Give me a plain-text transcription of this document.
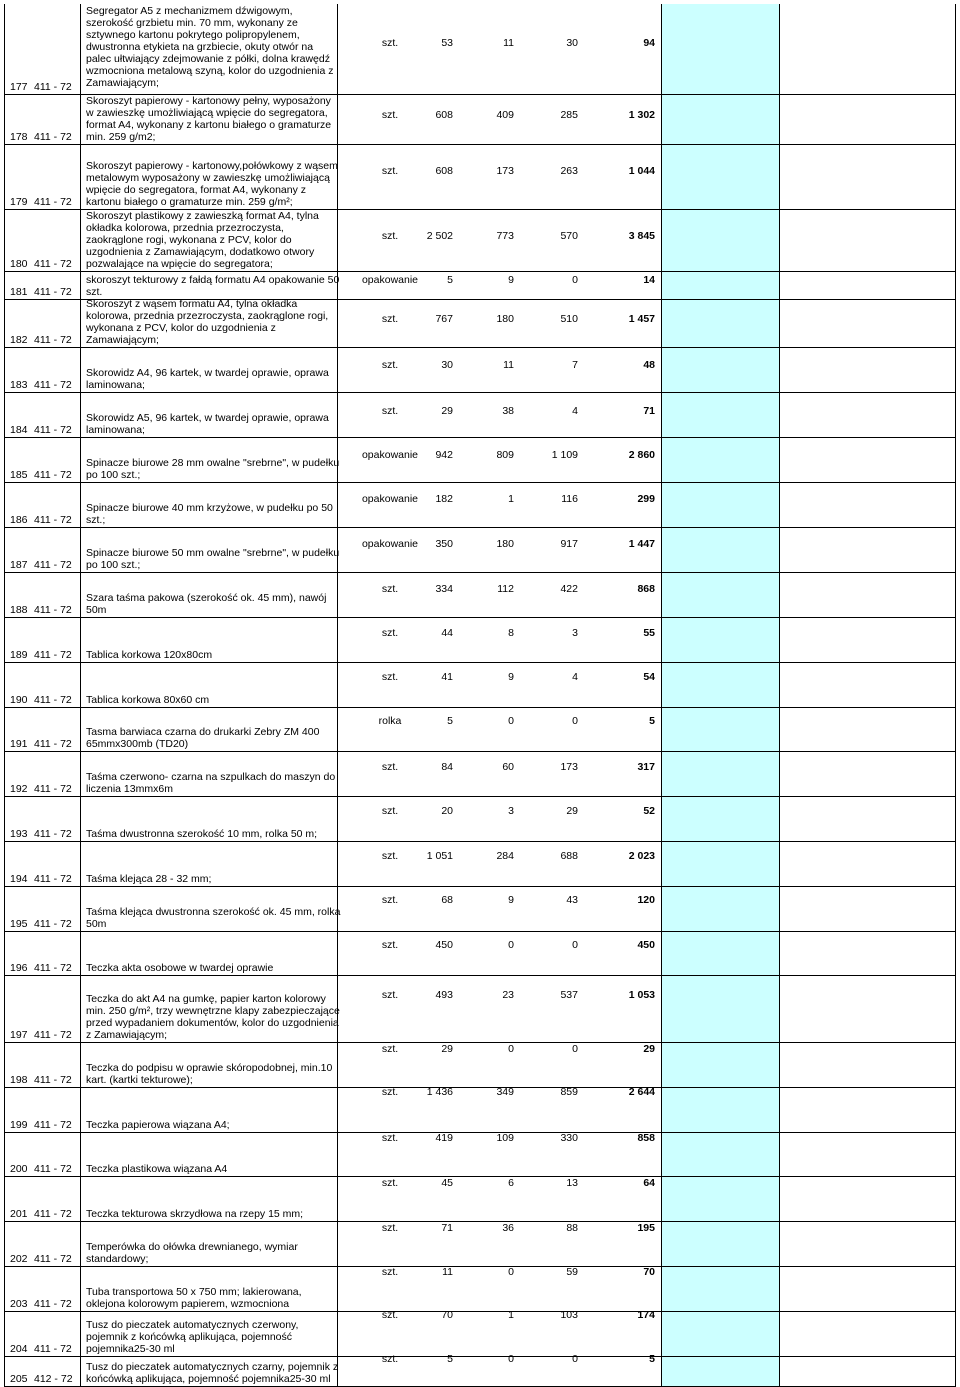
177 411 - 72
Segregator A5 z mechanizmem dźwigowym, szerokość grzbietu min. 70 mm, wykonany ze sztywnego kartonu pokrytego polipropylenem, dwustronna etykieta na grzbiecie, okuty otwór na palec ułtwiający zdejmowanie z półki, dolna krawędź wzmocniona metalową szyną, kolor do uzgodnienia z Zamawiającym;
szt.	53	11	30	94
178 411 - 72
Skoroszyt papierowy - kartonowy pełny, wyposażony w zawieszkę umożliwiającą wpięcie do segregatora, format A4, wykonany z kartonu białego o gramaturze min. 259 g/m2;
szt.	608	409	285	1 302
179 411 - 72
Skoroszyt papierowy - kartonowy,połówkowy z wąsem metalowym wyposażony w zawieszkę umożliwiającą wpięcie do segregatora, format A4, wykonany z kartonu białego o gramaturze min. 259 g/m²;
szt.	608	173	263	1 044
180 411 - 72
Skoroszyt plastikowy z zawieszką format A4, tylna okładka kolorowa, przednia przezroczysta, zaokrąglone rogi, wykonana z PCV, kolor do uzgodnienia z Zamawiającym, dodatkowo otwory pozwalające na wpięcie do segregatora;
szt.	2 502	773	570	3 845
181 411 - 72
skoroszyt tekturowy z fałdą formatu A4 opakowanie 50 szt.
opakowanie	5	9	0	14
182 411 - 72
Skoroszyt z wąsem formatu A4, tylna okładka kolorowa, przednia przezroczysta, zaokrąglone rogi, wykonana z PCV, kolor do uzgodnienia z Zamawiającym;
szt.	767	180	510	1 457
183 411 - 72
Skorowidz A4, 96 kartek, w twardej oprawie, oprawa laminowana;
szt.	30	11	7	48
184 411 - 72
Skorowidz A5, 96 kartek, w twardej oprawie, oprawa laminowana;
szt.	29	38	4	71
185 411 - 72
Spinacze biurowe 28 mm owalne "srebrne", w pudełku po 100 szt.;
opakowanie	942	809	1 109	2 860
186 411 - 72
Spinacze biurowe 40 mm krzyżowe, w pudełku po 50 szt.;
opakowanie	182	1	116	299
187 411 - 72
Spinacze biurowe 50 mm owalne "srebrne", w pudełku po 100 szt.;
opakowanie	350	180	917	1 447
188 411 - 72
Szara taśma pakowa (szerokość ok. 45 mm), nawój 50m
szt.	334	112	422	868
189 411 - 72 Tablica korkowa 120x80cm
szt.	44	8	3	55
190 411 - 72 Tablica korkowa 80x60 cm
szt.	41	9	4	54
191 411 - 72
Tasma barwiaca czarna do drukarki Zebry ZM 400 65mmx300mb (TD20)
rolka	5	0	0	5
192 411 - 72
Taśma czerwono- czarna na szpulkach do maszyn do liczenia 13mmx6m
szt.	84	60	173	317
193 411 - 72 Taśma dwustronna szerokość 10 mm, rolka 50 m;
szt.	20	3	29	52
194 411 - 72 Taśma klejąca 28 - 32 mm;
szt.	1 051	284	688	2 023
195 411 - 72
Taśma klejąca dwustronna szerokość ok. 45 mm, rolka 50m
szt.	68	9	43	120
196 411 - 72 Teczka akta osobowe w twardej oprawie
szt.	450	0	0	450
197 411 - 72
Teczka do akt A4 na gumkę, papier karton kolorowy min. 250 g/m², trzy wewnętrzne klapy zabezpieczające przed wypadaniem dokumentów, kolor do uzgodnienia z Zamawiającym;
szt.	493	23	537	1 053
198 411 - 72
Teczka do podpisu w oprawie skóropodobnej, min.10 kart. (kartki tekturowe);
szt.	29	0	0	29
199 411 - 72 Teczka papierowa wiązana A4;
szt.	1 436	349	859	2 644
200 411 - 72 Teczka plastikowa wiązana A4
szt.	419	109	330	858
201 411 - 72 Teczka tekturowa skrzydłowa na rzepy 15 mm;
szt.	45	6	13	64
202 411 - 72
Temperówka do ołówka drewnianego, wymiar standardowy;
szt.	71	36	88	195
203 411 - 72
Tuba transportowa 50 x 750 mm; lakierowana, oklejona kolorowym papierem, wzmocniona
szt.	11	0	59	70
204 411 - 72
Tusz do pieczatek automatycznych czerwony, pojemnik z końcówką aplikująca, pojemność pojemnika25-30 ml
szt.	70	1	103	174
205 412 - 72
Tusz do pieczatek automatycznych czarny, pojemnik z końcówką aplikująca, pojemność pojemnika25-30 ml
szt.	5	0	0	5
